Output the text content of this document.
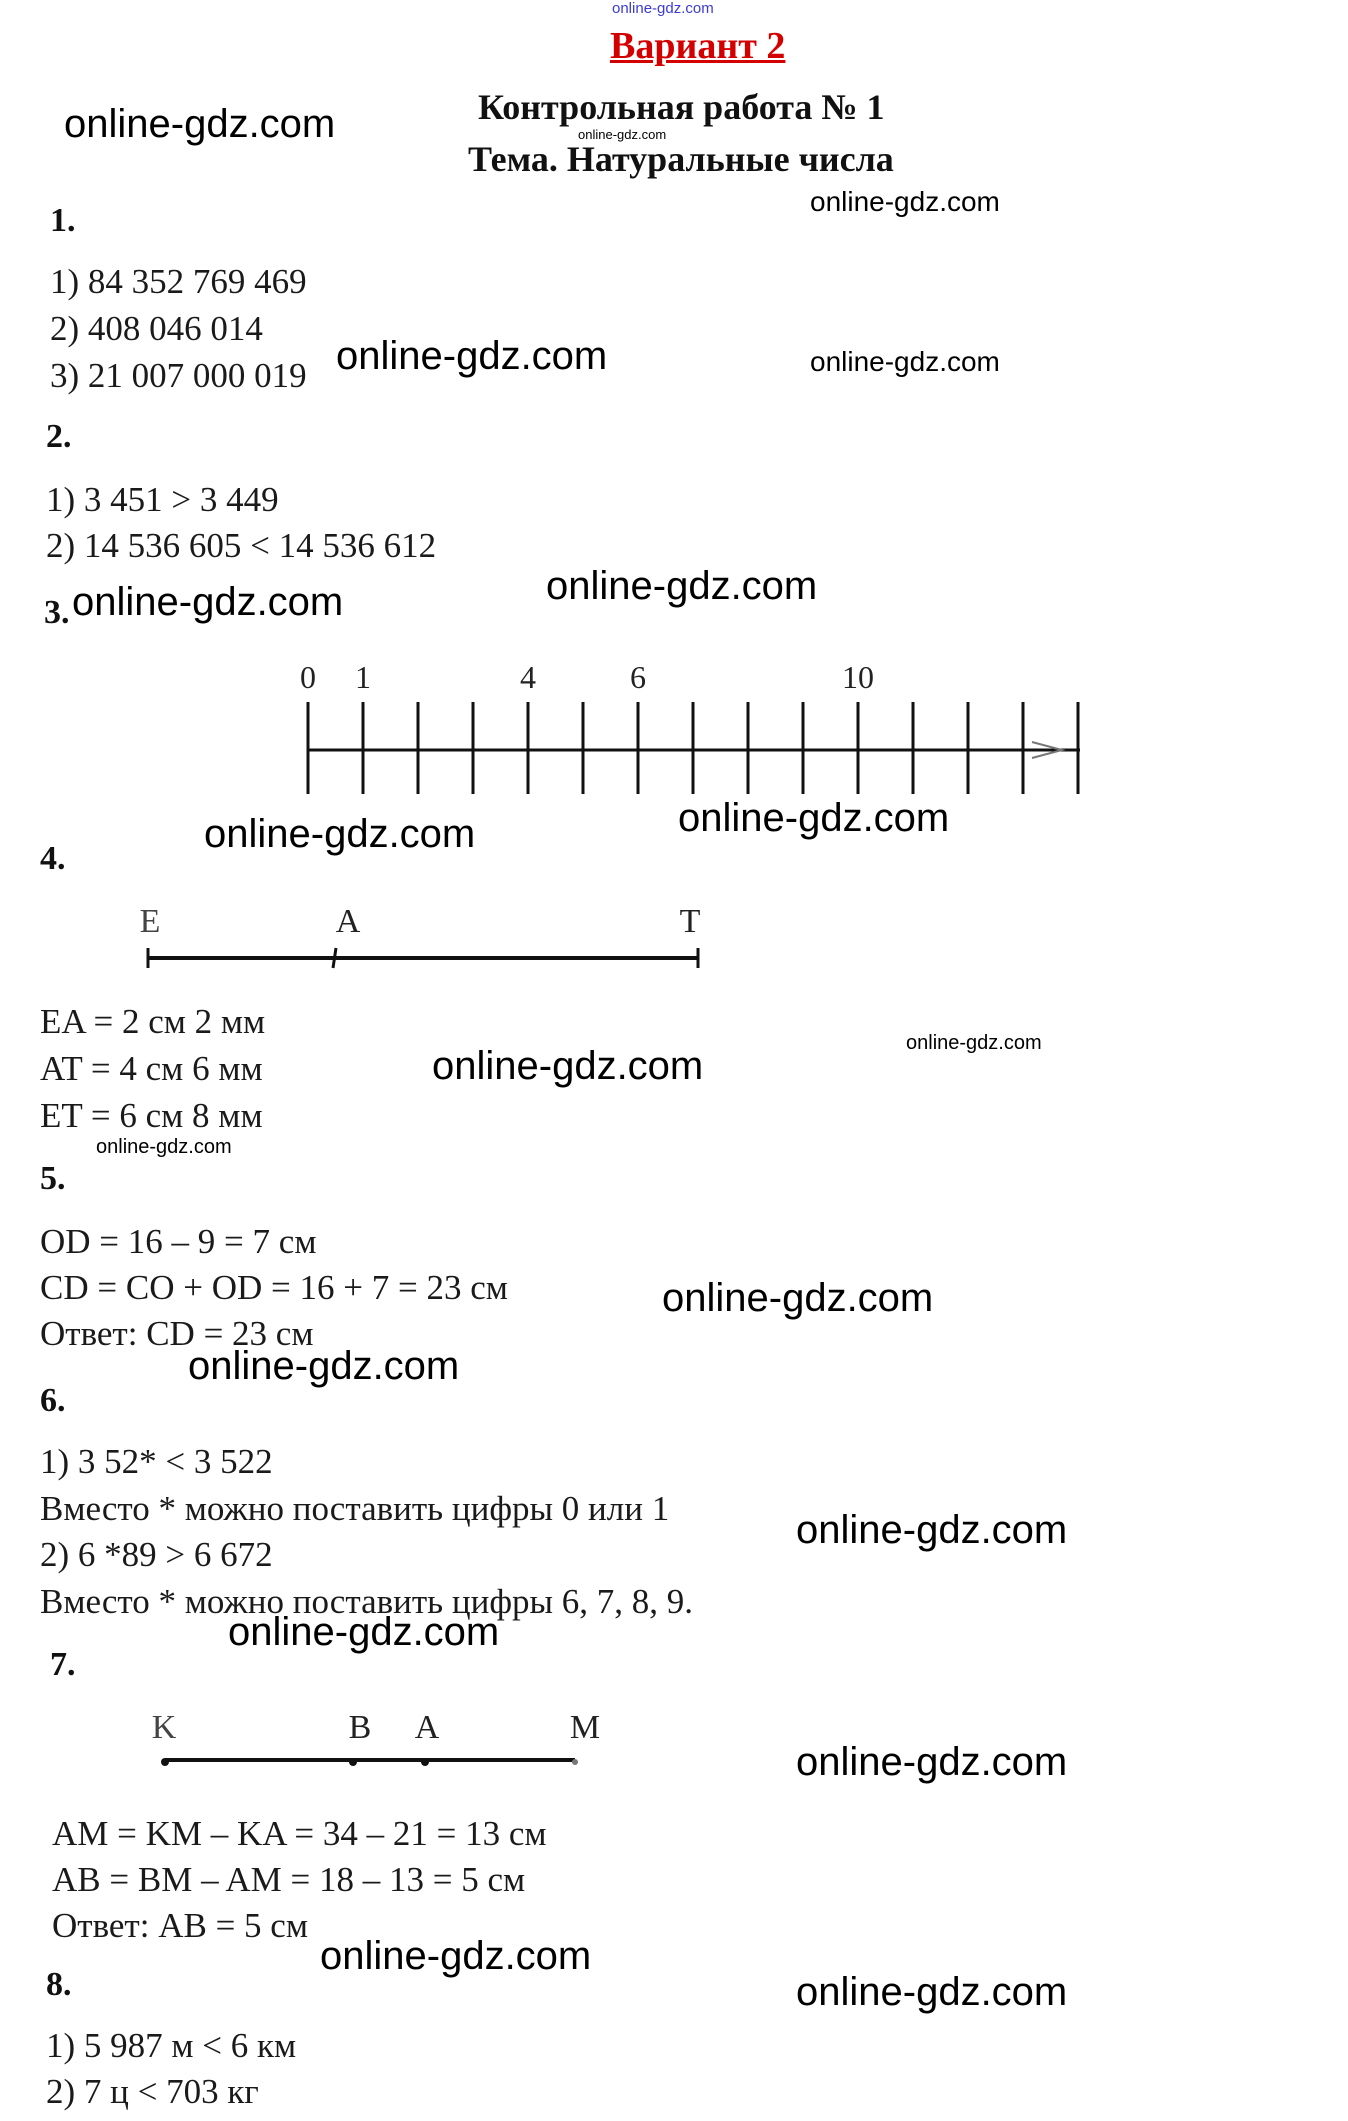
online-gdz.com
Вариант 2
Контрольная работа № 1
online-gdz.com
Тема. Натуральные числа
online-gdz.com
online-gdz.com
online-gdz.com	online-gdz.com
online-gdz.com	online-gdz.com
online-gdz.com	online-gdz.com
online-gdz.com
online-gdz.com
online-gdz.com
online-gdz.com
online-gdz.com
online-gdz.com
online-gdz.com
online-gdz.com
online-gdz.com
online-gdz.com
1.
1) 84 352 769 469
2) 408 046 014
3) 21 007 000 019
2.
1) 3 451 > 3 449
2) 14 536 605 < 14 536 612
3.
0 1	4	6	10
4.
E	A	T
EA = 2 см 2 мм
AT = 4 см 6 мм
ET = 6 см 8 мм
5.
OD = 16 – 9 = 7 см
CD = CO + OD = 16 + 7 = 23 см
Ответ: CD = 23 см
6.
1) 3 52* < 3 522
Вместо * можно поставить цифры 0 или 1
2) 6 *89 > 6 672
Вместо * можно поставить цифры 6, 7, 8, 9.
7.
K	B A	M
AM = KM – KA = 34 – 21 = 13 см
AB = BM – AM = 18 – 13 = 5 см
Ответ: AB = 5 см
8.
1) 5 987 м < 6 км
2) 7 ц < 703 кг
